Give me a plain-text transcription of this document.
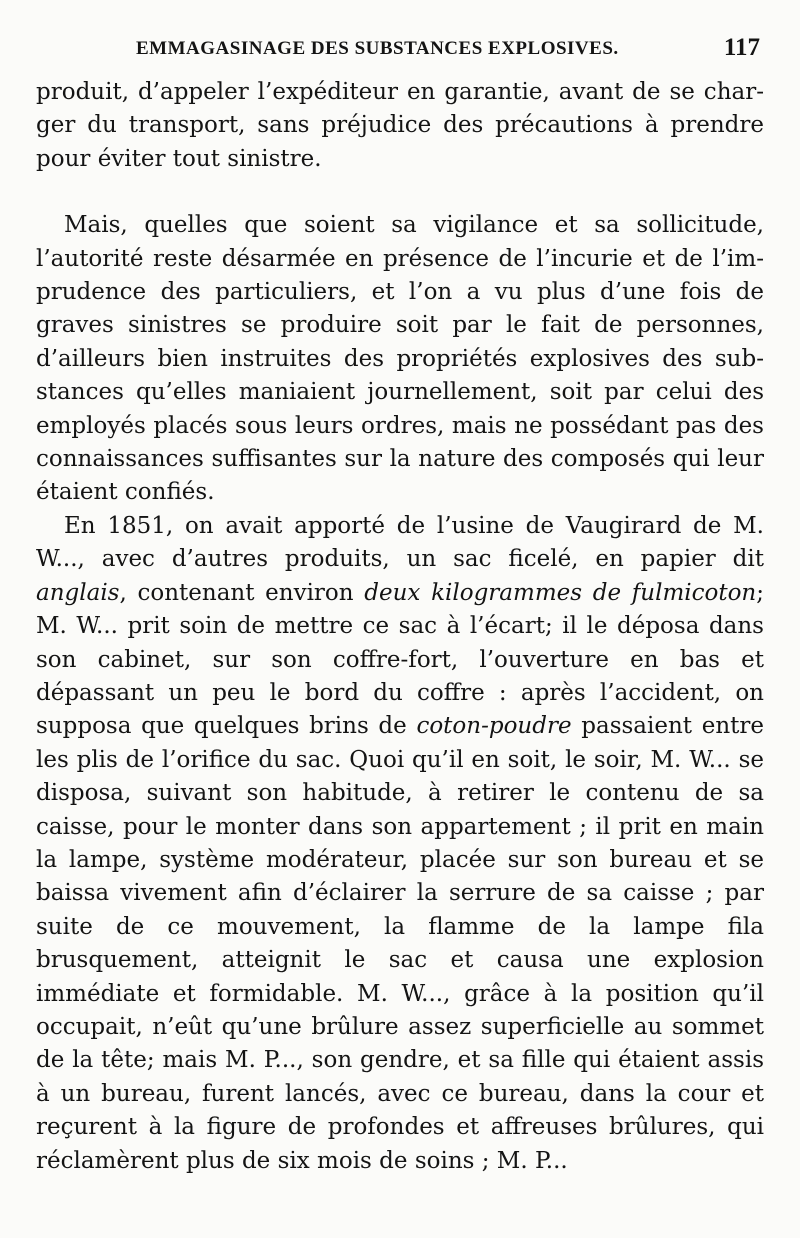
EMMAGASINAGE DES SUBSTANCES EXPLOSIVES.	117

produit, d’appeler l’expéditeur en garantie, avant de se charger du transport, sans préjudice des précautions à prendre pour éviter tout sinistre.

Mais, quelles que soient sa vigilance et sa sollicitude, l’autorité reste désarmée en présence de l’incurie et de l’imprudence des particuliers, et l’on a vu plus d’une fois de graves sinistres se produire soit par le fait de personnes, d’ailleurs bien instruites des propriétés explosives des substances qu’elles maniaient journellement, soit par celui des employés placés sous leurs ordres, mais ne possédant pas des connaissances suffisantes sur la nature des composés qui leur étaient confiés.

En 1851, on avait apporté de l’usine de Vaugirard de M. W..., avec d’autres produits, un sac ficelé, en papier dit anglais, contenant environ deux kilogrammes de fulmicoton; M. W... prit soin de mettre ce sac à l’écart; il le déposa dans son cabinet, sur son coffre-fort, l’ouverture en bas et dépassant un peu le bord du coffre : après l’accident, on supposa que quelques brins de coton-poudre passaient entre les plis de l’orifice du sac. Quoi qu’il en soit, le soir, M. W... se disposa, suivant son habitude, à retirer le contenu de sa caisse, pour le monter dans son appartement ; il prit en main la lampe, système modérateur, placée sur son bureau et se baissa vivement afin d’éclairer la serrure de sa caisse ; par suite de ce mouvement, la flamme de la lampe fila brusquement, atteignit le sac et causa une explosion immédiate et formidable. M. W..., grâce à la position qu’il occupait, n’eût qu’une brûlure assez superficielle au sommet de la tête; mais M. P..., son gendre, et sa fille qui étaient assis à un bureau, furent lancés, avec ce bureau, dans la cour et reçurent à la figure de profondes et affreuses brûlures, qui réclamèrent plus de six mois de soins ; M. P...
